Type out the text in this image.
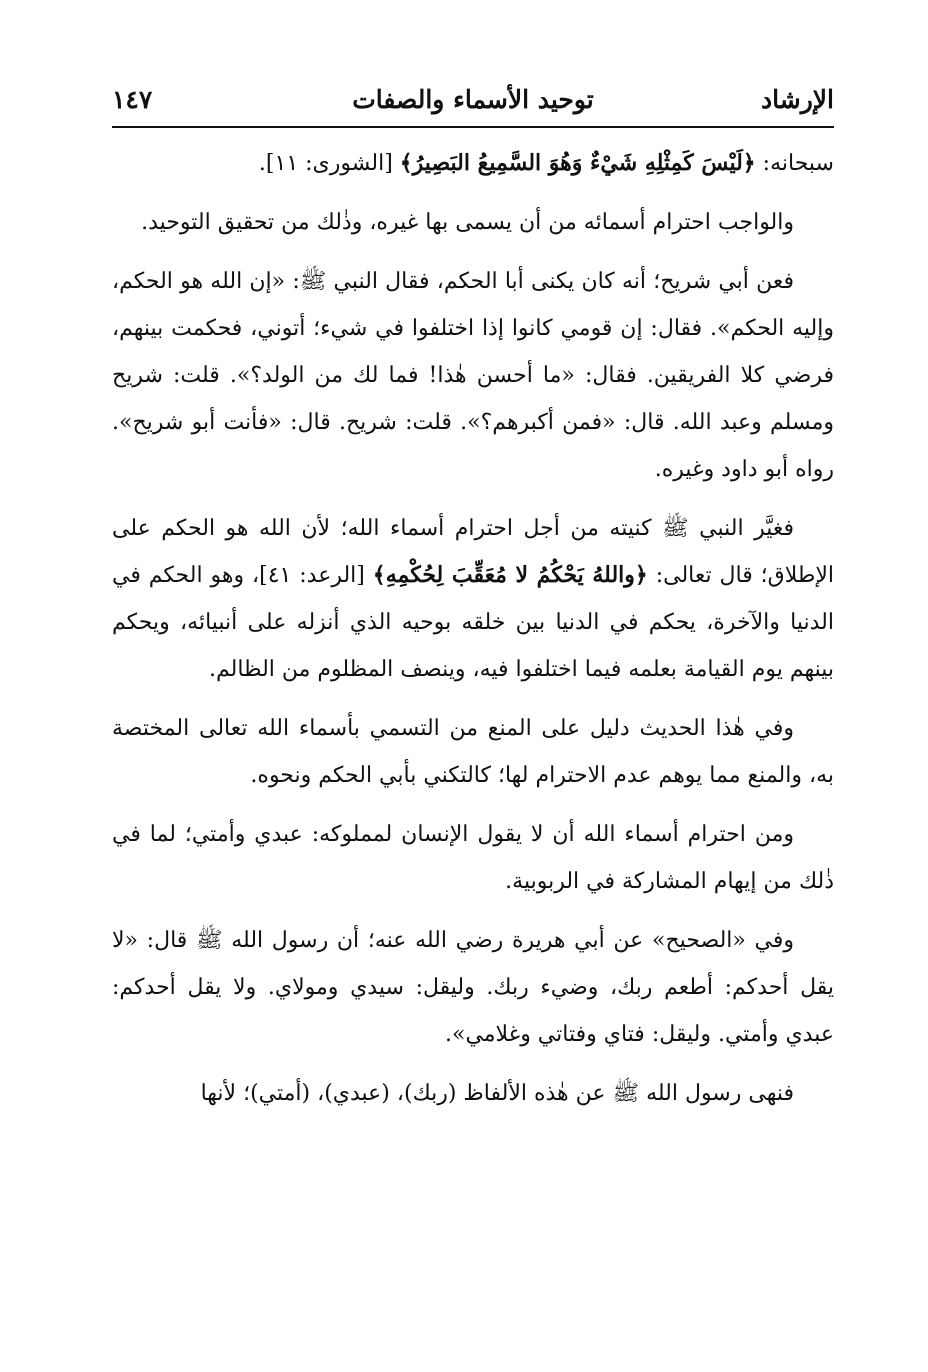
الإرشاد
توحيد الأسماء والصفات
١٤٧

سبحانه: ﴿لَيْسَ كَمِثْلِهِ شَيْءٌ وَهُوَ السَّمِيعُ البَصِيرُ﴾ [الشورى: ١١].

والواجب احترام أسمائه من أن يسمى بها غيره، وذٰلك من تحقيق التوحيد.

فعن أبي شريح؛ أنه كان يكنى أبا الحكم، فقال النبي ﷺ: «إن الله هو الحكم، وإليه الحكم». فقال: إن قومي كانوا إذا اختلفوا في شيء؛ أتوني، فحكمت بينهم، فرضي كلا الفريقين. فقال: «ما أحسن هٰذا! فما لك من الولد؟». قلت: شريح ومسلم وعبد الله. قال: «فمن أكبرهم؟». قلت: شريح. قال: «فأنت أبو شريح». رواه أبو داود وغيره.

فغيَّر النبي ﷺ كنيته من أجل احترام أسماء الله؛ لأن الله هو الحكم على الإطلاق؛ قال تعالى: ﴿واللهُ يَحْكُمُ لا مُعَقِّبَ لِحُكْمِهِ﴾ [الرعد: ٤١]، وهو الحكم في الدنيا والآخرة، يحكم في الدنيا بين خلقه بوحيه الذي أنزله على أنبيائه، ويحكم بينهم يوم القيامة بعلمه فيما اختلفوا فيه، وينصف المظلوم من الظالم.

وفي هٰذا الحديث دليل على المنع من التسمي بأسماء الله تعالى المختصة به، والمنع مما يوهم عدم الاحترام لها؛ كالتكني بأبي الحكم ونحوه.

ومن احترام أسماء الله أن لا يقول الإنسان لمملوكه: عبدي وأمتي؛ لما في ذٰلك من إيهام المشاركة في الربوبية.

وفي «الصحيح» عن أبي هريرة رضي الله عنه؛ أن رسول الله ﷺ قال: «لا يقل أحدكم: أطعم ربك، وضيء ربك. وليقل: سيدي ومولاي. ولا يقل أحدكم: عبدي وأمتي. وليقل: فتاي وفتاتي وغلامي».

فنهى رسول الله ﷺ عن هٰذه الألفاظ (ربك)، (عبدي)، (أمتي)؛ لأنها
